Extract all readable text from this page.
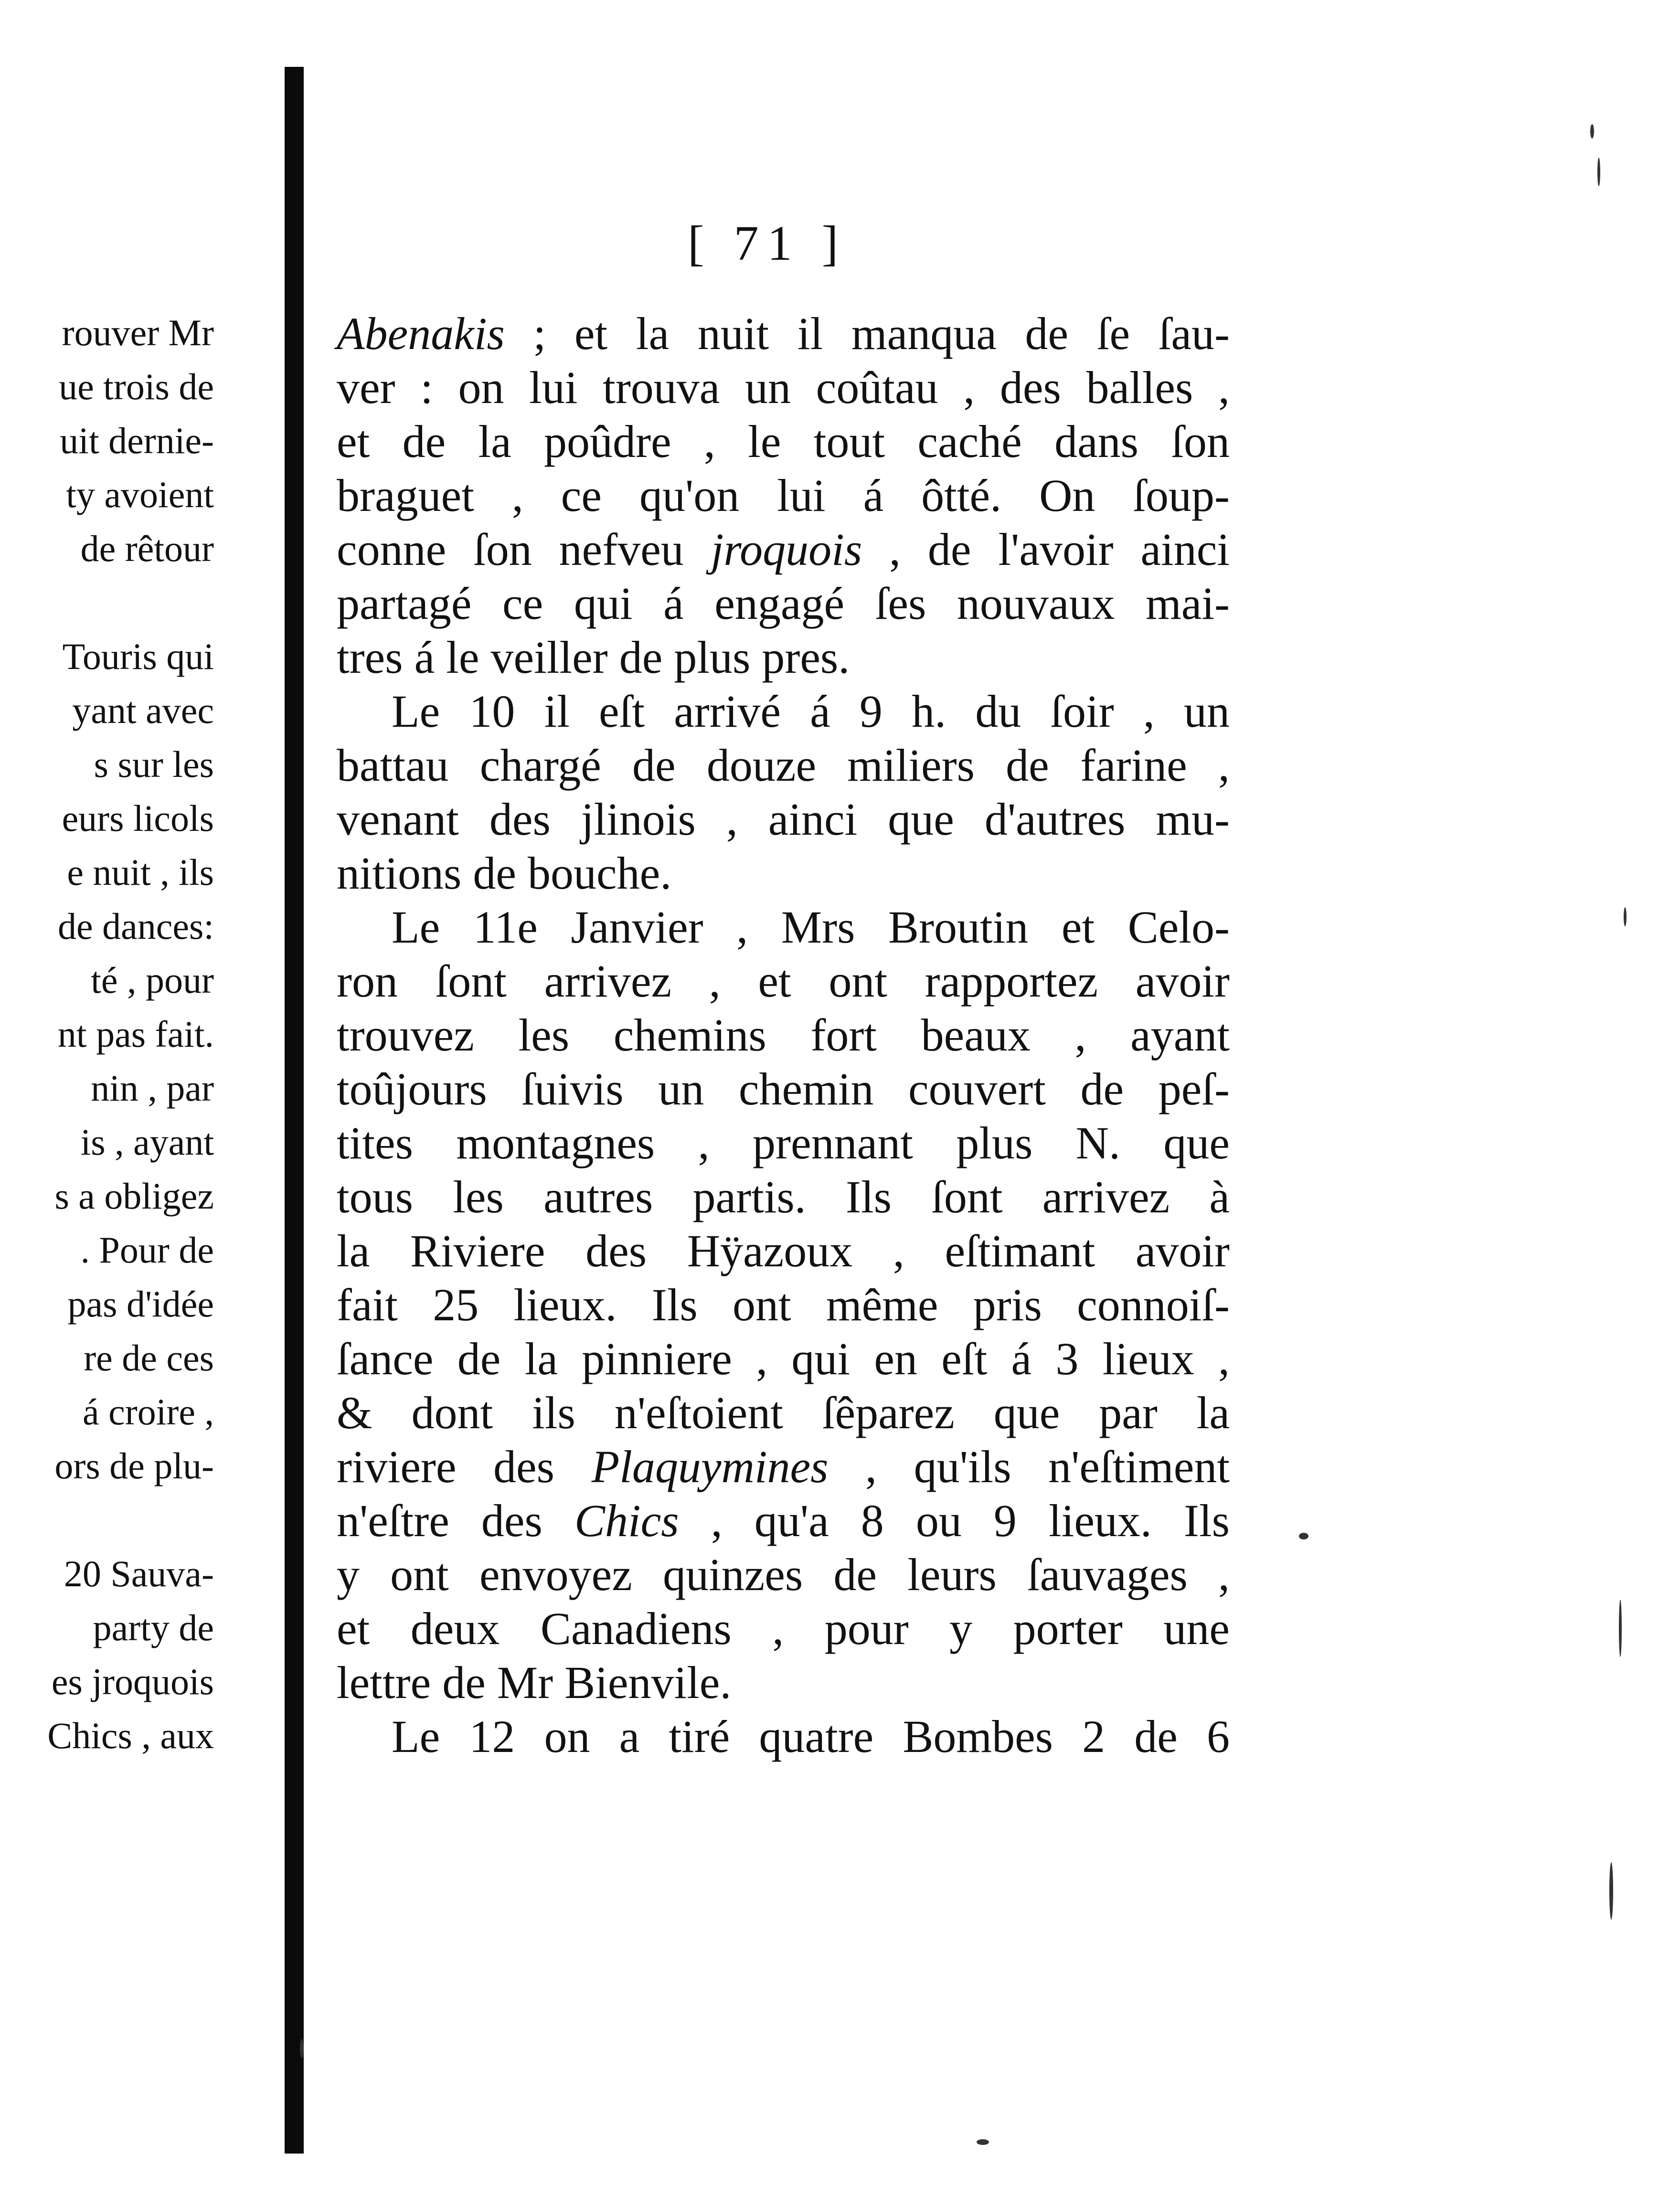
rouver Mr
ue trois de
uit dernie-
ty avoient
de rêtour
Touris qui
yant avec
s sur les
eurs licols
e nuit , ils
de dances:
té , pour
nt pas fait.
nin , par
is , ayant
s a obligez
. Pour de
pas d'idée
re de ces
á croire ,
ors de plu-
20 Sauva-
party de
es jroquois
Chics , aux
[ 71 ]
Abenakis ; et la nuit il manqua de ſe ſau-
ver : on lui trouva un coûtau , des balles ,
et de la poûdre , le tout caché dans ſon
braguet , ce qu'on lui á ôtté. On ſoup-
conne ſon nefveu jroquois , de l'avoir ainci
partagé ce qui á engagé ſes nouvaux mai-
tres á le veiller de plus pres.
Le 10 il eſt arrivé á 9 h. du ſoir , un
battau chargé de douze miliers de farine ,
venant des jlinois , ainci que d'autres mu-
nitions de bouche.
Le 11e Janvier , Mrs Broutin et Celo-
ron ſont arrivez , et ont rapportez avoir
trouvez les chemins fort beaux , ayant
toûjours ſuivis un chemin couvert de peſ-
tites montagnes , prennant plus N. que
tous les autres partis. Ils ſont arrivez à
la Riviere des Hÿazoux , eſtimant avoir
fait 25 lieux. Ils ont même pris connoiſ-
ſance de la pinniere , qui en eſt á 3 lieux ,
& dont ils n'eſtoient ſêparez que par la
riviere des Plaquymines , qu'ils n'eſtiment
n'eſtre des Chics , qu'a 8 ou 9 lieux. Ils
y ont envoyez quinzes de leurs ſauvages ,
et deux Canadiens , pour y porter une
lettre de Mr Bienvile.
Le 12 on a tiré quatre Bombes 2 de 6
